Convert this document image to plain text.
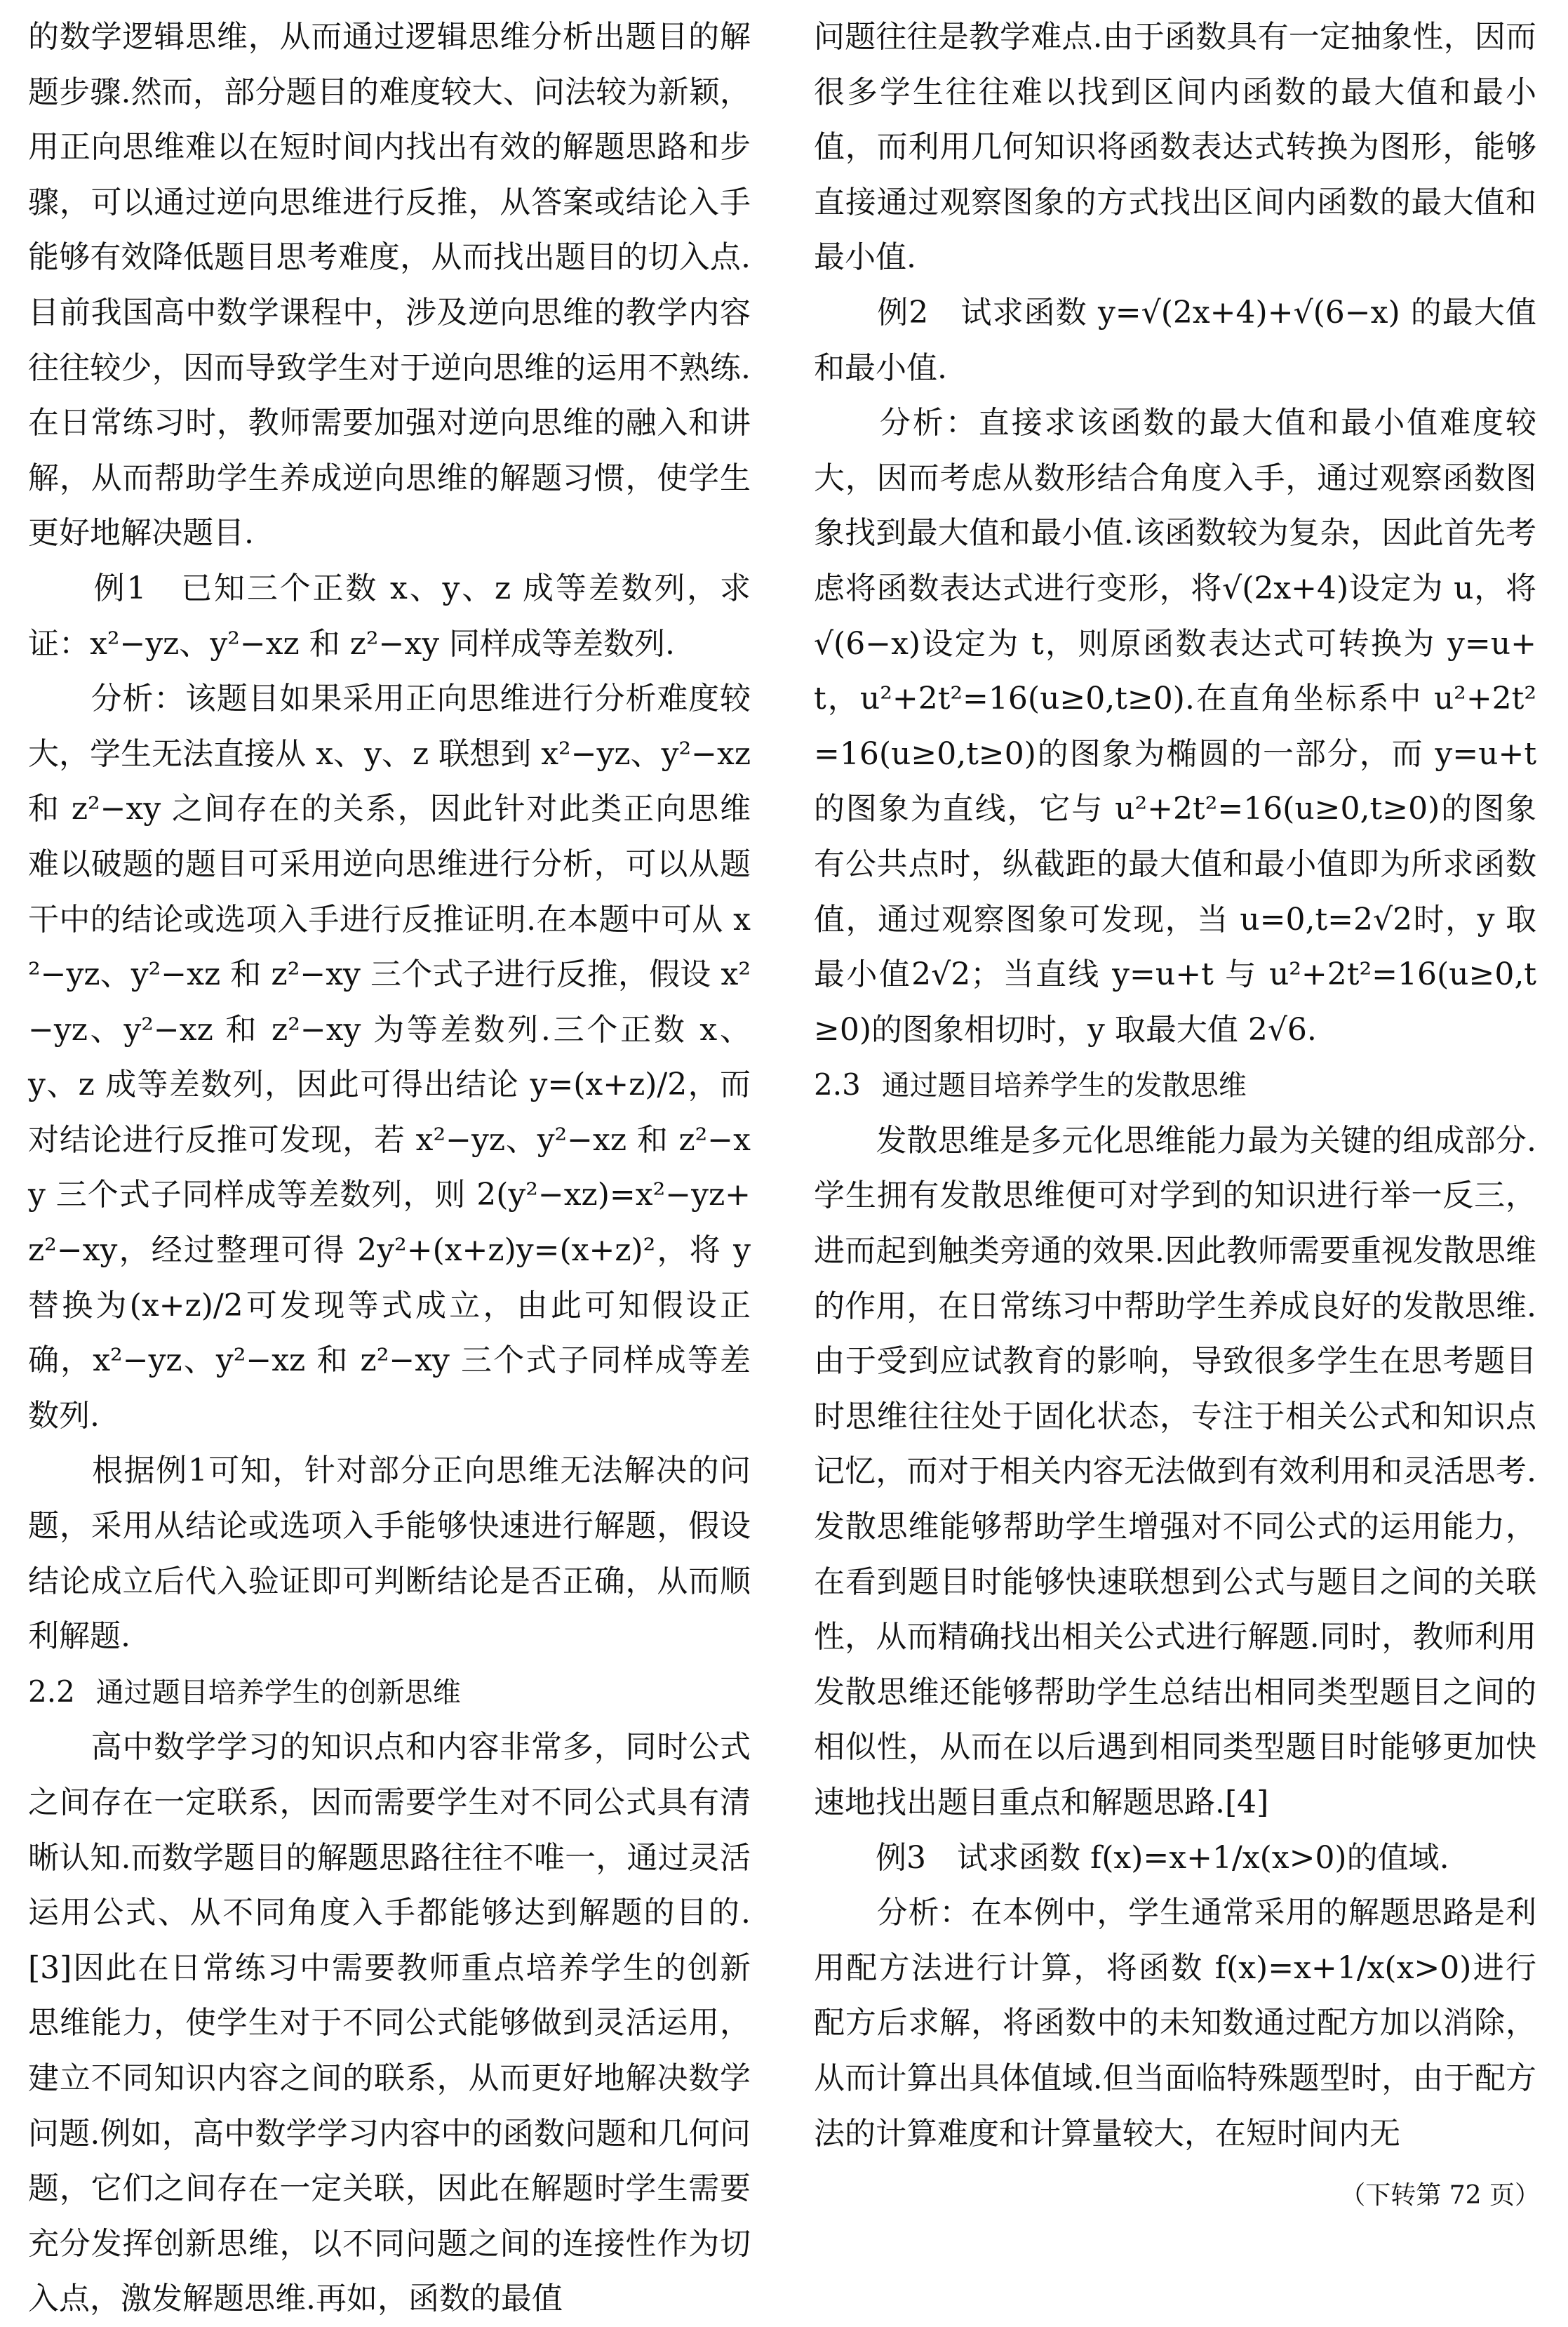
的数学逻辑思维，从而通过逻辑思维分析出题目的解题步骤.然而，部分题目的难度较大、问法较为新颖，用正向思维难以在短时间内找出有效的解题思路和步骤，可以通过逆向思维进行反推，从答案或结论入手能够有效降低题目思考难度，从而找出题目的切入点.目前我国高中数学课程中，涉及逆向思维的教学内容往往较少，因而导致学生对于逆向思维的运用不熟练.在日常练习时，教师需要加强对逆向思维的融入和讲解，从而帮助学生养成逆向思维的解题习惯，使学生更好地解决题目.

　　例1　已知三个正数 x、y、z 成等差数列，求证：x²−yz、y²−xz 和 z²−xy 同样成等差数列.

　　分析：该题目如果采用正向思维进行分析难度较大，学生无法直接从 x、y、z 联想到 x²−yz、y²−xz 和 z²−xy 之间存在的关系，因此针对此类正向思维难以破题的题目可采用逆向思维进行分析，可以从题干中的结论或选项入手进行反推证明.在本题中可从 x²−yz、y²−xz 和 z²−xy 三个式子进行反推，假设 x²−yz、y²−xz 和 z²−xy 为等差数列.三个正数 x、y、z 成等差数列，因此可得出结论 y=(x+z)/2，而对结论进行反推可发现，若 x²−yz、y²−xz 和 z²−xy 三个式子同样成等差数列，则 2(y²−xz)=x²−yz+z²−xy，经过整理可得 2y²+(x+z)y=(x+z)²，将 y 替换为(x+z)/2可发现等式成立，由此可知假设正确，x²−yz、y²−xz 和 z²−xy 三个式子同样成等差数列.

　　根据例1可知，针对部分正向思维无法解决的问题，采用从结论或选项入手能够快速进行解题，假设结论成立后代入验证即可判断结论是否正确，从而顺利解题.

2.2 通过题目培养学生的创新思维

　　高中数学学习的知识点和内容非常多，同时公式之间存在一定联系，因而需要学生对不同公式具有清晰认知.而数学题目的解题思路往往不唯一，通过灵活运用公式、从不同角度入手都能够达到解题的目的.[3]因此在日常练习中需要教师重点培养学生的创新思维能力，使学生对于不同公式能够做到灵活运用，建立不同知识内容之间的联系，从而更好地解决数学问题.例如，高中数学学习内容中的函数问题和几何问题，它们之间存在一定关联，因此在解题时学生需要充分发挥创新思维，以不同问题之间的连接性作为切入点，激发解题思维.再如，函数的最值

问题往往是教学难点.由于函数具有一定抽象性，因而很多学生往往难以找到区间内函数的最大值和最小值，而利用几何知识将函数表达式转换为图形，能够直接通过观察图象的方式找出区间内函数的最大值和最小值.

　　例2　试求函数 y=√(2x+4)+√(6−x) 的最大值和最小值.

　　分析：直接求该函数的最大值和最小值难度较大，因而考虑从数形结合角度入手，通过观察函数图象找到最大值和最小值.该函数较为复杂，因此首先考虑将函数表达式进行变形，将√(2x+4)设定为 u，将√(6−x)设定为 t，则原函数表达式可转换为 y=u+t，u²+2t²=16(u≥0,t≥0).在直角坐标系中 u²+2t²=16(u≥0,t≥0)的图象为椭圆的一部分，而 y=u+t 的图象为直线，它与 u²+2t²=16(u≥0,t≥0)的图象有公共点时，纵截距的最大值和最小值即为所求函数值，通过观察图象可发现，当 u=0,t=2√2时，y 取最小值2√2；当直线 y=u+t 与 u²+2t²=16(u≥0,t≥0)的图象相切时，y 取最大值 2√6.

2.3 通过题目培养学生的发散思维

　　发散思维是多元化思维能力最为关键的组成部分.学生拥有发散思维便可对学到的知识进行举一反三，进而起到触类旁通的效果.因此教师需要重视发散思维的作用，在日常练习中帮助学生养成良好的发散思维.由于受到应试教育的影响，导致很多学生在思考题目时思维往往处于固化状态，专注于相关公式和知识点记忆，而对于相关内容无法做到有效利用和灵活思考.发散思维能够帮助学生增强对不同公式的运用能力，在看到题目时能够快速联想到公式与题目之间的关联性，从而精确找出相关公式进行解题.同时，教师利用发散思维还能够帮助学生总结出相同类型题目之间的相似性，从而在以后遇到相同类型题目时能够更加快速地找出题目重点和解题思路.[4]

　　例3　试求函数 f(x)=x+1/x(x>0)的值域.

　　分析：在本例中，学生通常采用的解题思路是利用配方法进行计算，将函数 f(x)=x+1/x(x>0)进行配方后求解，将函数中的未知数通过配方加以消除，从而计算出具体值域.但当面临特殊题型时，由于配方法的计算难度和计算量较大，在短时间内无

（下转第 72 页）
